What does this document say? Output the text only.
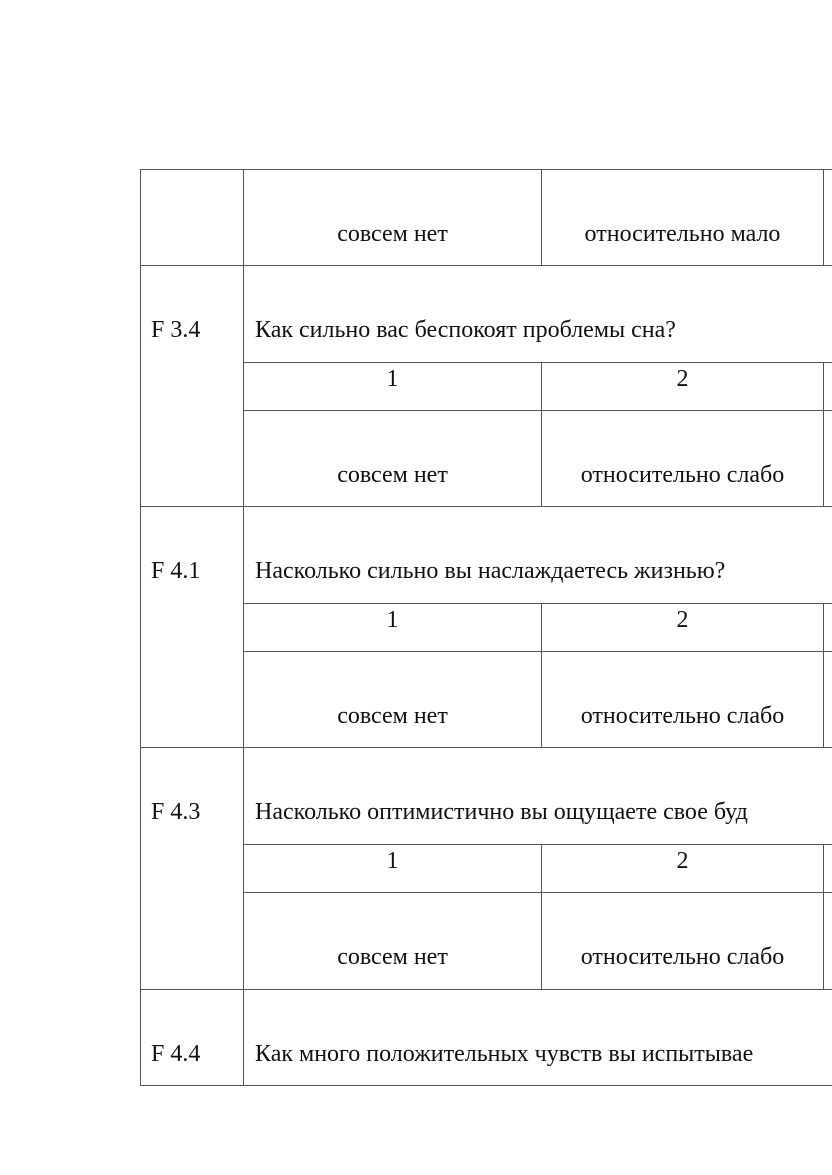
совсем нет	относительно мало
F 3.4 Как сильно вас беспокоят проблемы сна?
1	2
совсем нет	относительно слабо
F 4.1 Насколько сильно вы наслаждаетесь жизнью?
1	2
совсем нет	относительно слабо
F 4.3 Насколько оптимистично вы ощущаете свое буд
1	2
совсем нет	относительно слабо
F 4.4 Как много положительных чувств вы испытывае
